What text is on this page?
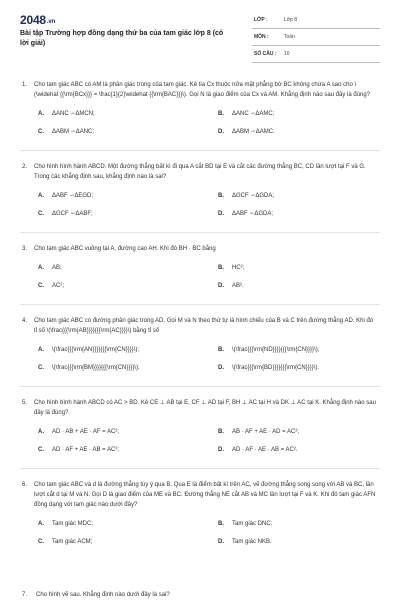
2048.vn
Bài tập Trường hợp đồng dạng thứ ba của tam giác lớp 8 (có lời giải)
LỚP :	Lớp 8
MÔN :	Toán
SỐ CÂU : 10
1. Cho tam giác ABC có AM là phân giác trong của tam giác. Kẻ tia Cx thuộc nửa mặt phẳng bờ BC không chứa A sao cho \(\widehat {{\rm{BCx}}} = \frac{1}{2}\widehat {{\rm{BAC}}}\). Gọi N là giao điểm của Cx và AM. Khẳng định nào sau đây là đúng?
A.	ΔANC ∽ΔMCN;	B.	ΔANC ∽ΔAMC;
C.	ΔABM ∽ΔANC;	D.	ΔABM ∽ΔAMC.
2. Cho hình hình hành ABCD. Một đường thẳng bất kì đi qua A cắt BD tại E và cắt các đường thẳng BC, CD lần lượt tại F và G. Trong các khẳng định sau, khẳng định nào là sai?
A.	ΔABF ∽ΔEGD;	B.	ΔGCF ∽ΔGDA;
C.	ΔGCF ∽ΔABF;	D.	ΔABF ∽ΔGDA;
3. Cho tam giác ABC vuông tại A, đường cao AH. Khi đó BH · BC bằng
A.	AB;	B.	HC²;
C.	AC²;	D.	AB².
4. Cho tam giác ABC có đường phân giác trong AD. Gọi M và N theo thứ tự là hình chiếu của B và C trên đường thẳng AD. Khi đó tỉ số \(\frac{{{\rm{AB}}}}{{{\rm{AC}}}}\) bằng tỉ số
A.	\(\frac{{{\rm{AN}}}}{{{\rm{CN}}}}\);	B.	\(\frac{{{\rm{ND}}}}{{{\rm{CN}}}}\);
C.	\(\frac{{{\rm{BM}}}}{{{\rm{CN}}}}\);	D.	\(\frac{{{\rm{BD}}}}{{{\rm{CN}}}}\).
5. Cho hình bình hành ABCD có AC > BD. Kẻ CE ⊥ AB tại E, CF ⊥ AD tại F, BH ⊥ AC tại H và DK ⊥ AC tại K. Khẳng định nào sau đây là đúng?
A.	AD · AB + AE · AF = AC²;	B.	AB · AF + AE · AD = AC²;
C.	AD · AF + AE · AB = AC²;	D.	AD · AF · AE · AB = AC².
6. Cho tam giác ABC và d là đường thẳng tùy ý qua B. Qua E là điểm bất kì trên AC, vẽ đường thẳng song song với AB và BC, lần lượt cắt d tại M và N. Gọi D là giao điểm của ME và BC. Đường thẳng NE cắt AB và MC lần lượt tại F và K. Khi đó tam giác AFN đồng dạng với tam giác nào dưới đây?
A.	Tam giác MDC;	B.	Tam giác DNC;
C.	Tam giác ACM;	D.	Tam giác NKB.
7. Cho hình vẽ sau. Khẳng định nào dưới đây là sai?
